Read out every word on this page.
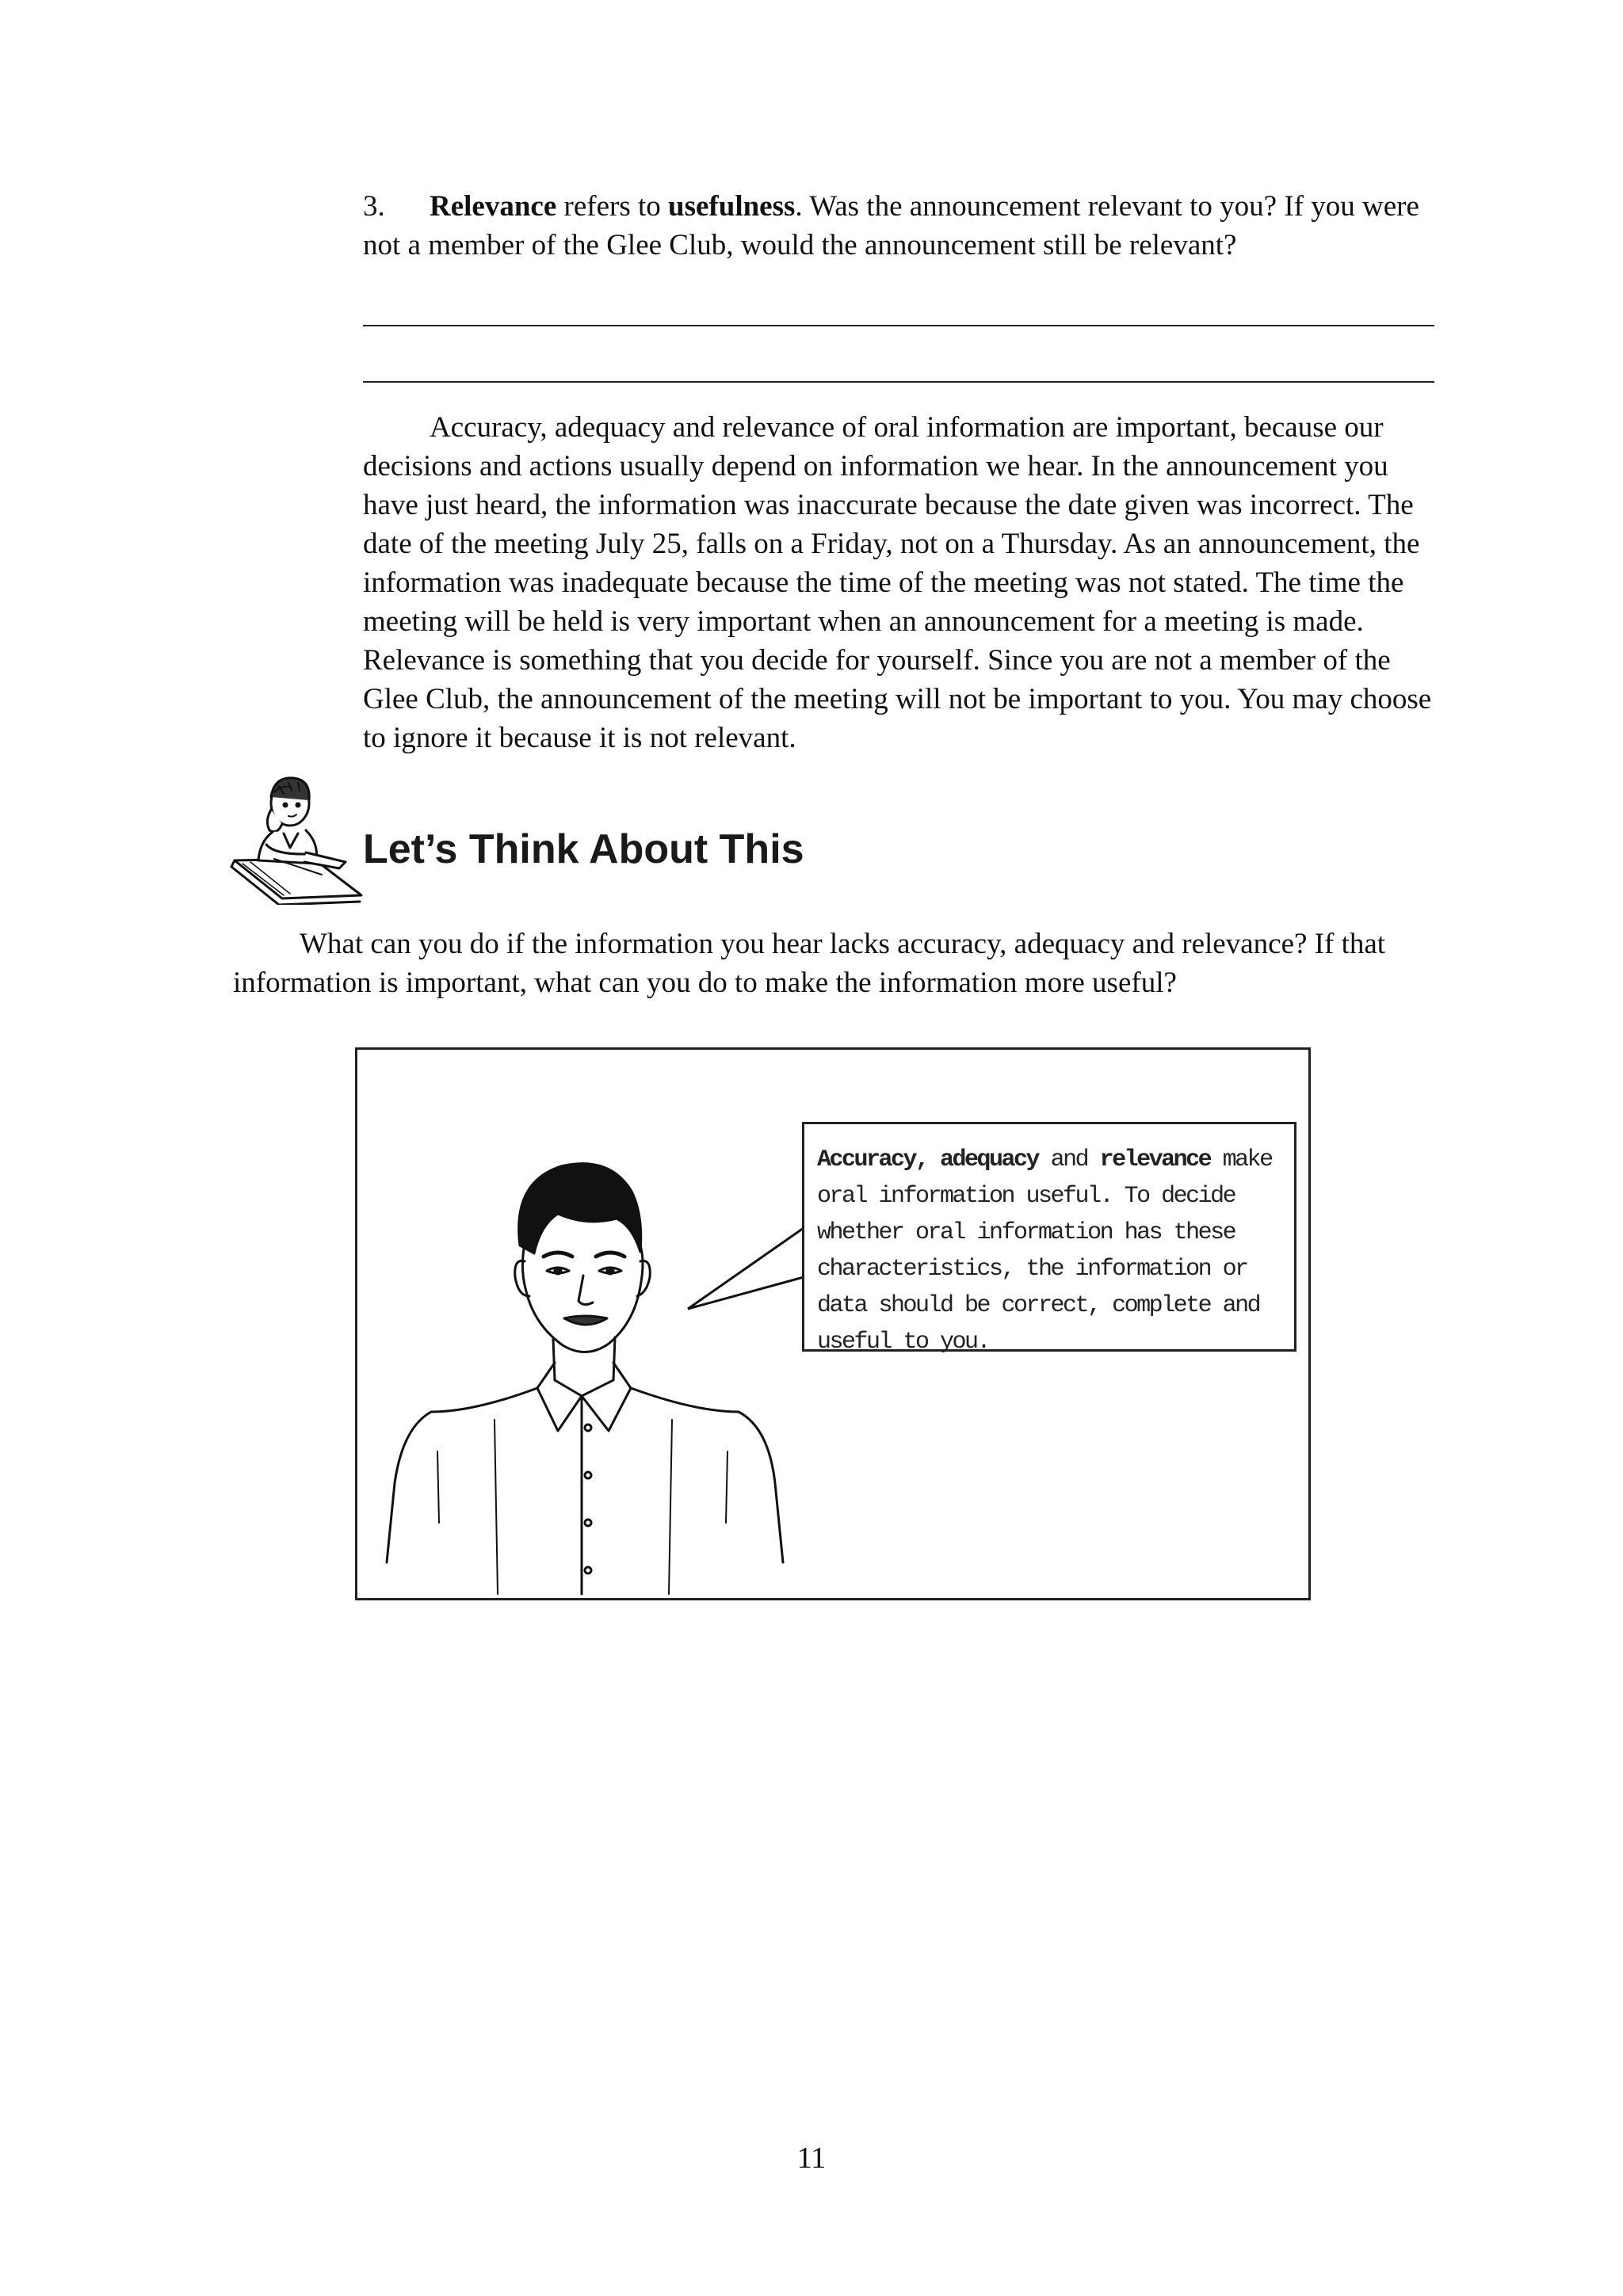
3. Relevance refers to usefulness. Was the announcement relevant to you? If you were not a member of the Glee Club, would the announcement still be relevant?
Accuracy, adequacy and relevance of oral information are important, because our decisions and actions usually depend on information we hear. In the announcement you have just heard, the information was inaccurate because the date given was incorrect. The date of the meeting July 25, falls on a Friday, not on a Thursday. As an announcement, the information was inadequate because the time of the meeting was not stated. The time the meeting will be held is very important when an announcement for a meeting is made. Relevance is something that you decide for yourself. Since you are not a member of the Glee Club, the announcement of the meeting will not be important to you. You may choose to ignore it because it is not relevant.
Let’s Think About This
What can you do if the information you hear lacks accuracy, adequacy and relevance? If that information is important, what can you do to make the information more useful?
Accuracy, adequacy and relevance make oral information useful. To decide whether oral information has these characteristics, the information or data should be correct, complete and useful to you.
11
